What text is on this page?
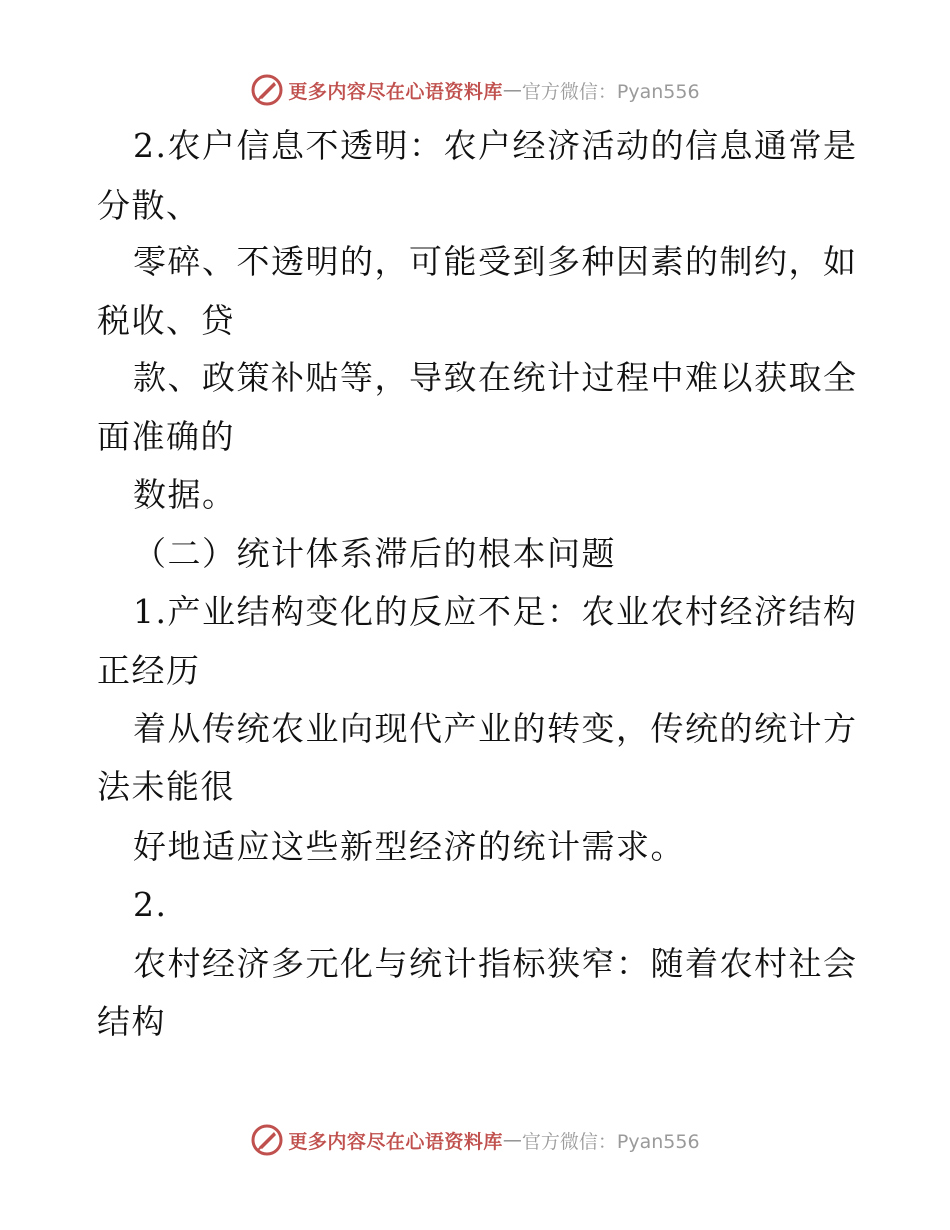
更多内容尽在心语资料库 — 官方微信：Pyan556
2.农户信息不透明：农户经济活动的信息通常是
分散、
零碎、不透明的，可能受到多种因素的制约，如
税收、贷
款、政策补贴等，导致在统计过程中难以获取全
面准确的
数据。
（二）统计体系滞后的根本问题
1.产业结构变化的反应不足：农业农村经济结构
正经历
着从传统农业向现代产业的转变，传统的统计方
法未能很
好地适应这些新型经济的统计需求。
2.
农村经济多元化与统计指标狭窄：随着农村社会
结构
更多内容尽在心语资料库 — 官方微信：Pyan556
